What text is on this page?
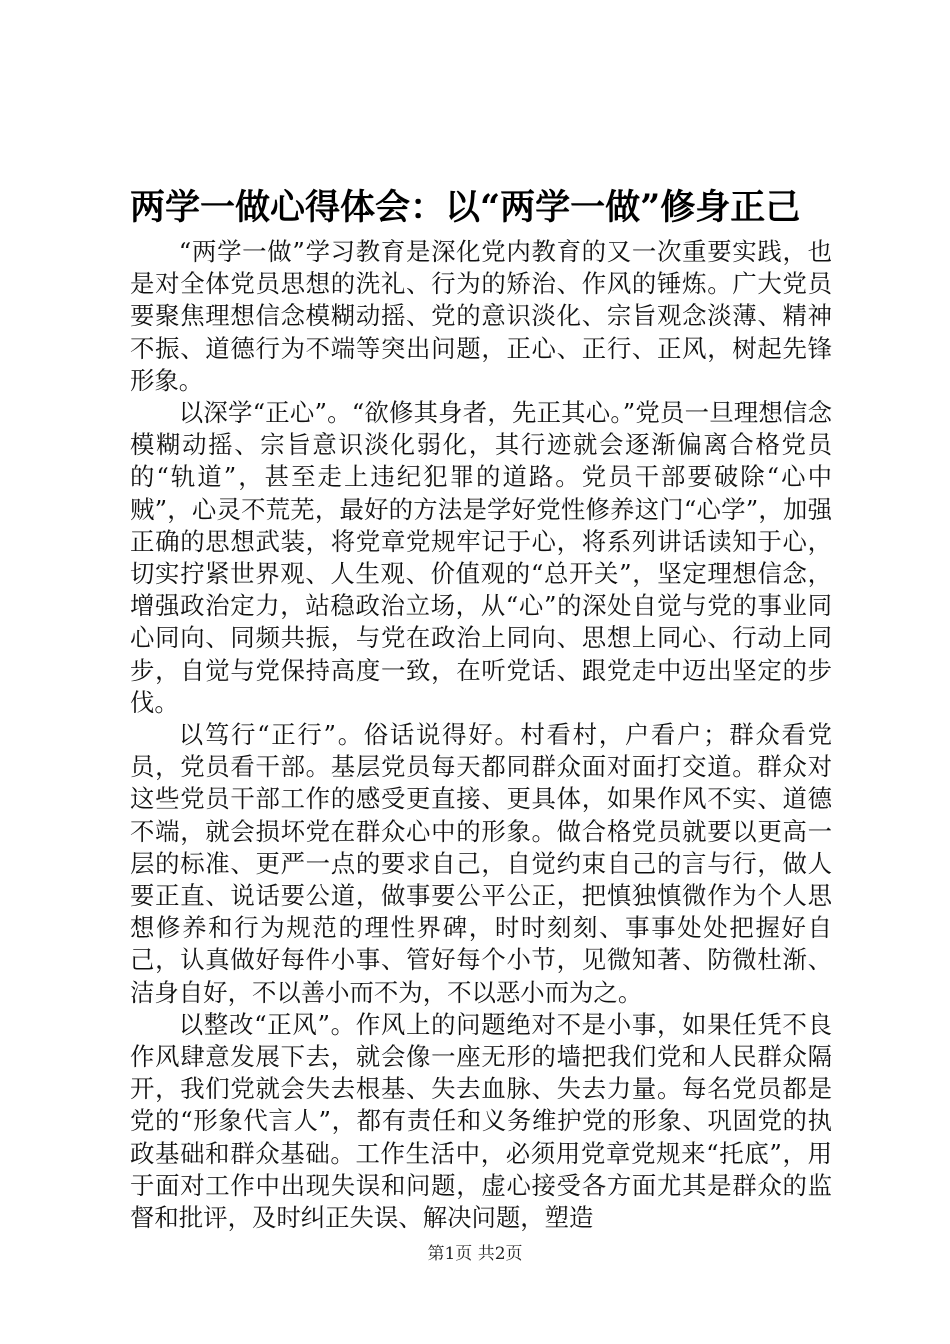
两学一做心得体会：以“两学一做”修身正己

“两学一做”学习教育是深化党内教育的又一次重要实践，也是对全体党员思想的洗礼、行为的矫治、作风的锤炼。广大党员要聚焦理想信念模糊动摇、党的意识淡化、宗旨观念淡薄、精神不振、道德行为不端等突出问题，正心、正行、正风，树起先锋形象。

以深学“正心”。“欲修其身者，先正其心。”党员一旦理想信念模糊动摇、宗旨意识淡化弱化，其行迹就会逐渐偏离合格党员的“轨道”，甚至走上违纪犯罪的道路。党员干部要破除“心中贼”，心灵不荒芜，最好的方法是学好党性修养这门“心学”，加强正确的思想武装，将党章党规牢记于心，将系列讲话读知于心，切实拧紧世界观、人生观、价值观的“总开关”，坚定理想信念，增强政治定力，站稳政治立场，从“心”的深处自觉与党的事业同心同向、同频共振，与党在政治上同向、思想上同心、行动上同步，自觉与党保持高度一致，在听党话、跟党走中迈出坚定的步伐。

以笃行“正行”。俗话说得好。村看村，户看户；群众看党员，党员看干部。基层党员每天都同群众面对面打交道。群众对这些党员干部工作的感受更直接、更具体，如果作风不实、道德不端，就会损坏党在群众心中的形象。做合格党员就要以更高一层的标准、更严一点的要求自己，自觉约束自己的言与行，做人要正直、说话要公道，做事要公平公正，把慎独慎微作为个人思想修养和行为规范的理性界碑，时时刻刻、事事处处把握好自己，认真做好每件小事、管好每个小节，见微知著、防微杜渐、洁身自好，不以善小而不为，不以恶小而为之。

以整改“正风”。作风上的问题绝对不是小事，如果任凭不良作风肆意发展下去，就会像一座无形的墙把我们党和人民群众隔开，我们党就会失去根基、失去血脉、失去力量。每名党员都是党的“形象代言人”，都有责任和义务维护党的形象、巩固党的执政基础和群众基础。工作生活中，必须用党章党规来“托底”，用于面对工作中出现失误和问题，虚心接受各方面尤其是群众的监督和批评，及时纠正失误、解决问题，塑造

第1页 共2页
